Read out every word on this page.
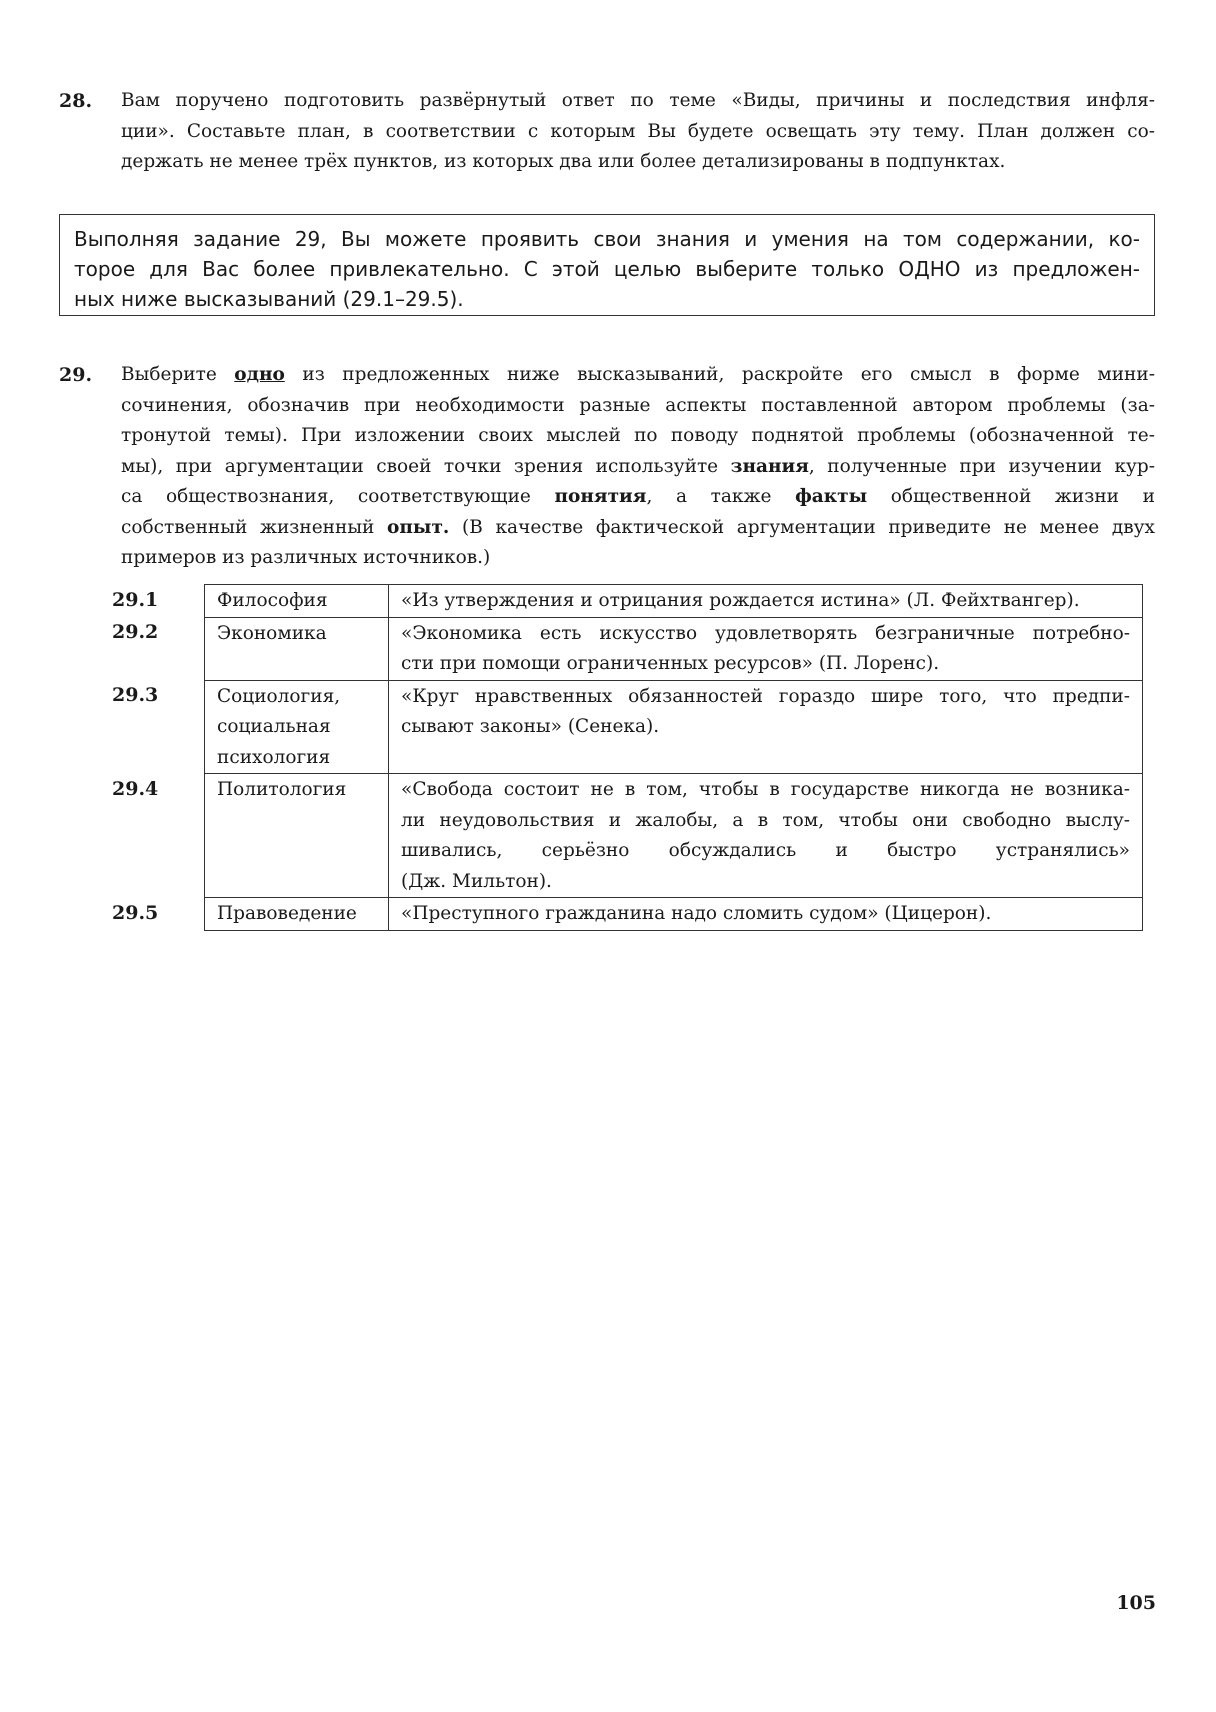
28. Вам поручено подготовить развёрнутый ответ по теме «Виды, причины и последствия инфля-
ции». Составьте план, в соответствии с которым Вы будете освещать эту тему. План должен со-
держать не менее трёх пунктов, из которых два или более детализированы в подпунктах.
Выполняя задание 29, Вы можете проявить свои знания и умения на том содержании, ко-
торое для Вас более привлекательно. С этой целью выберите только ОДНО из предложен-
ных ниже высказываний (29.1–29.5).
29. Выберите одно из предложенных ниже высказываний, раскройте его смысл в форме мини-
сочинения, обозначив при необходимости разные аспекты поставленной автором проблемы (за-
тронутой темы). При изложении своих мыслей по поводу поднятой проблемы (обозначенной те-
мы), при аргументации своей точки зрения используйте знания, полученные при изучении кур-
са обществознания, соответствующие понятия, а также факты общественной жизни и
собственный жизненный опыт. (В качестве фактической аргументации приведите не менее двух
примеров из различных источников.)
29.1	Философия	«Из утверждения и отрицания рождается истина» (Л. Фейхтвангер).

29.2	Экономика	«Экономика есть искусство удовлетворять безграничные потребно-
сти при помощи ограниченных ресурсов» (П. Лоренс).

29.3	Социология,
социальная
психология	«Круг нравственных обязанностей гораздо шире того, что предпи-
сывают законы» (Сенека).

29.4	Политология	«Свобода состоит не в том, чтобы в государстве никогда не возника-
ли неудовольствия и жалобы, а в том, чтобы они свободно выслу-
шивались, серьёзно обсуждались и быстро устранялись»
(Дж. Мильтон).

29.5	Правоведение	«Преступного гражданина надо сломить судом» (Цицерон).
105
